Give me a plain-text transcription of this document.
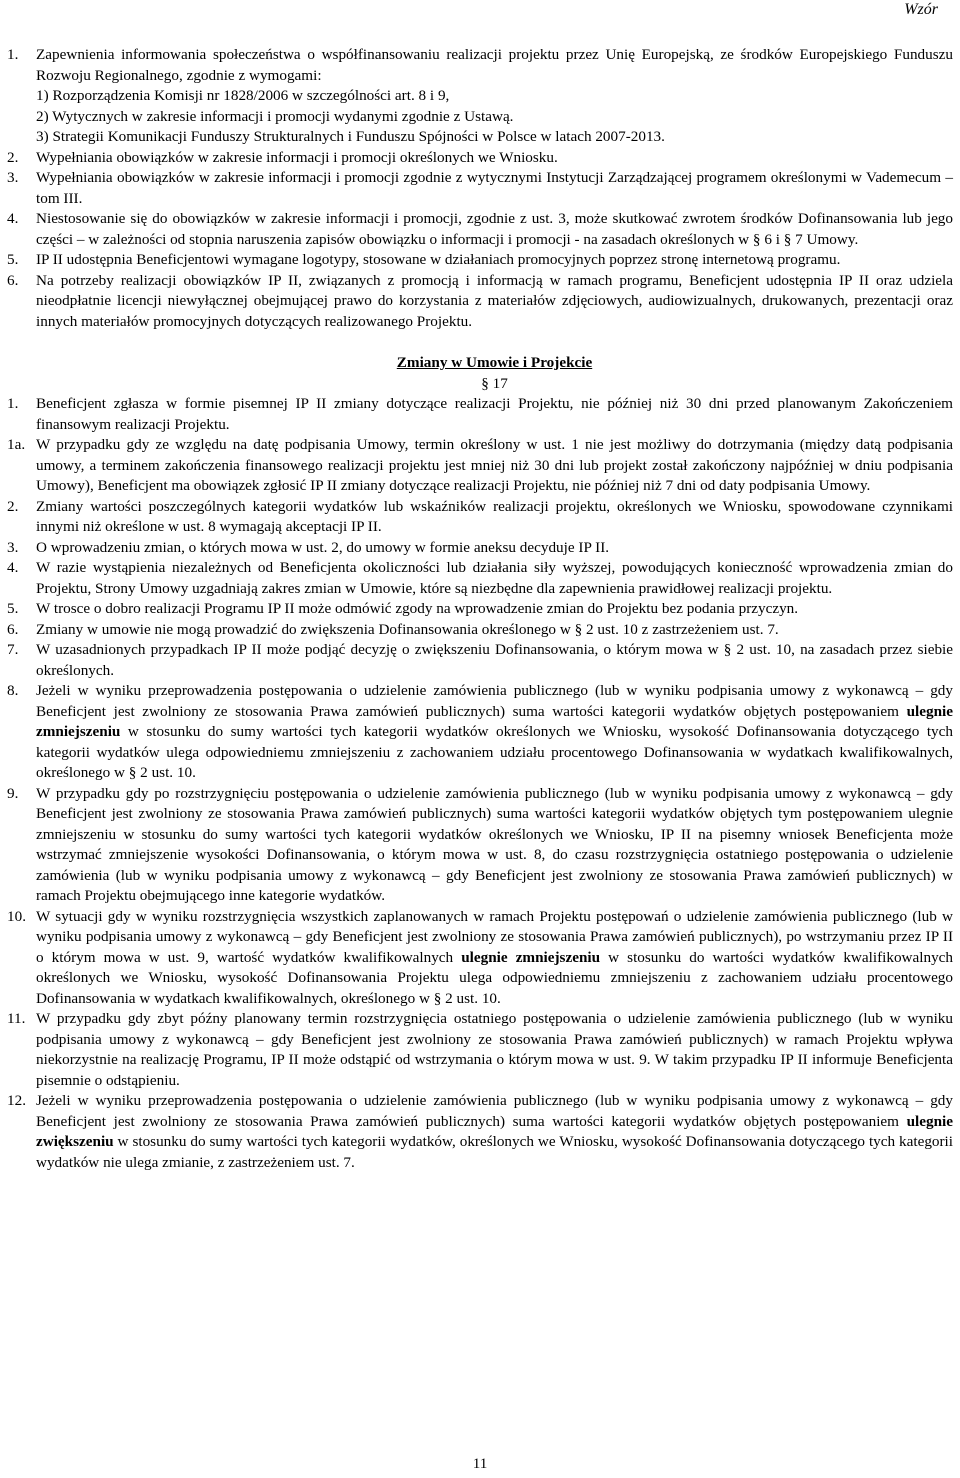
Wzór
1. Zapewnienia informowania społeczeństwa o współfinansowaniu realizacji projektu przez Unię Europejską, ze środków Europejskiego Funduszu Rozwoju Regionalnego, zgodnie z wymogami:
1) Rozporządzenia Komisji nr 1828/2006 w szczególności art. 8 i 9,
2) Wytycznych w zakresie informacji i promocji wydanymi zgodnie z Ustawą.
3) Strategii Komunikacji Funduszy Strukturalnych i Funduszu Spójności w Polsce w latach 2007-2013.
2. Wypełniania obowiązków w zakresie informacji i promocji określonych we Wniosku.
3. Wypełniania obowiązków w zakresie informacji i promocji zgodnie z wytycznymi Instytucji Zarządzającej programem określonymi w Vademecum – tom III.
4. Niestosowanie się do obowiązków w zakresie informacji i promocji, zgodnie z ust. 3, może skutkować zwrotem środków Dofinansowania lub jego części – w zależności od stopnia naruszenia zapisów obowiązku o informacji i promocji - na zasadach określonych w § 6 i § 7 Umowy.
5. IP II udostępnia Beneficjentowi wymagane logotypy, stosowane w działaniach promocyjnych poprzez stronę internetową programu.
6. Na potrzeby realizacji obowiązków IP II, związanych z promocją i informacją w ramach programu, Beneficjent udostępnia IP II oraz udziela nieodpłatnie licencji niewyłącznej obejmującej prawo do korzystania z materiałów zdjęciowych, audiowizualnych, drukowanych, prezentacji oraz innych materiałów promocyjnych dotyczących realizowanego Projektu.
Zmiany w Umowie i Projekcie
§ 17
1. Beneficjent zgłasza w formie pisemnej IP II zmiany dotyczące realizacji Projektu, nie później niż 30 dni przed planowanym Zakończeniem finansowym realizacji Projektu.
1a. W przypadku gdy ze względu na datę podpisania Umowy, termin określony w ust. 1 nie jest możliwy do dotrzymania (między datą podpisania umowy, a terminem zakończenia finansowego realizacji projektu jest mniej niż 30 dni lub projekt został zakończony najpóźniej w dniu podpisania Umowy), Beneficjent ma obowiązek zgłosić IP II zmiany dotyczące realizacji Projektu, nie później niż 7 dni od daty podpisania Umowy.
2. Zmiany wartości poszczególnych kategorii wydatków lub wskaźników realizacji projektu, określonych we Wniosku, spowodowane czynnikami innymi niż określone w ust. 8 wymagają akceptacji IP II.
3. O wprowadzeniu zmian, o których mowa w ust. 2, do umowy w formie aneksu decyduje IP II.
4. W razie wystąpienia niezależnych od Beneficjenta okoliczności lub działania siły wyższej, powodujących konieczność wprowadzenia zmian do Projektu, Strony Umowy uzgadniają zakres zmian w Umowie, które są niezbędne dla zapewnienia prawidłowej realizacji projektu.
5. W trosce o dobro realizacji Programu IP II może odmówić zgody na wprowadzenie zmian do Projektu bez podania przyczyn.
6. Zmiany w umowie nie mogą prowadzić do zwiększenia Dofinansowania określonego w § 2 ust. 10 z zastrzeżeniem ust. 7.
7. W uzasadnionych przypadkach IP II może podjąć decyzję o zwiększeniu Dofinansowania, o którym mowa w § 2 ust. 10, na zasadach przez siebie określonych.
8. Jeżeli w wyniku przeprowadzenia postępowania o udzielenie zamówienia publicznego (lub w wyniku podpisania umowy z wykonawcą – gdy Beneficjent jest zwolniony ze stosowania Prawa zamówień publicznych) suma wartości kategorii wydatków objętych postępowaniem ulegnie zmniejszeniu w stosunku do sumy wartości tych kategorii wydatków określonych we Wniosku, wysokość Dofinansowania dotyczącego tych kategorii wydatków ulega odpowiedniemu zmniejszeniu z zachowaniem udziału procentowego Dofinansowania w wydatkach kwalifikowalnych, określonego w § 2 ust. 10.
9. W przypadku gdy po rozstrzygnięciu postępowania o udzielenie zamówienia publicznego (lub w wyniku podpisania umowy z wykonawcą – gdy Beneficjent jest zwolniony ze stosowania Prawa zamówień publicznych) suma wartości kategorii wydatków objętych tym postępowaniem ulegnie zmniejszeniu w stosunku do sumy wartości tych kategorii wydatków określonych we Wniosku, IP II na pisemny wniosek Beneficjenta może wstrzymać zmniejszenie wysokości Dofinansowania, o którym mowa w ust. 8, do czasu rozstrzygnięcia ostatniego postępowania o udzielenie zamówienia (lub w wyniku podpisania umowy z wykonawcą – gdy Beneficjent jest zwolniony ze stosowania Prawa zamówień publicznych) w ramach Projektu obejmującego inne kategorie wydatków.
10. W sytuacji gdy w wyniku rozstrzygnięcia wszystkich zaplanowanych w ramach Projektu postępowań o udzielenie zamówienia publicznego (lub w wyniku podpisania umowy z wykonawcą – gdy Beneficjent jest zwolniony ze stosowania Prawa zamówień publicznych), po wstrzymaniu przez IP II o którym mowa w ust. 9, wartość wydatków kwalifikowalnych ulegnie zmniejszeniu w stosunku do wartości wydatków kwalifikowalnych określonych we Wniosku, wysokość Dofinansowania Projektu ulega odpowiedniemu zmniejszeniu z zachowaniem udziału procentowego Dofinansowania w wydatkach kwalifikowalnych, określonego w § 2 ust. 10.
11. W przypadku gdy zbyt późny planowany termin rozstrzygnięcia ostatniego postępowania o udzielenie zamówienia publicznego (lub w wyniku podpisania umowy z wykonawcą – gdy Beneficjent jest zwolniony ze stosowania Prawa zamówień publicznych) w ramach Projektu wpływa niekorzystnie na realizację Programu, IP II może odstąpić od wstrzymania o którym mowa w ust. 9. W takim przypadku IP II informuje Beneficjenta pisemnie o odstąpieniu.
12. Jeżeli w wyniku przeprowadzenia postępowania o udzielenie zamówienia publicznego (lub w wyniku podpisania umowy z wykonawcą – gdy Beneficjent jest zwolniony ze stosowania Prawa zamówień publicznych) suma wartości kategorii wydatków objętych postępowaniem ulegnie zwiększeniu w stosunku do sumy wartości tych kategorii wydatków, określonych we Wniosku, wysokość Dofinansowania dotyczącego tych kategorii wydatków nie ulega zmianie, z zastrzeżeniem ust. 7.
11
